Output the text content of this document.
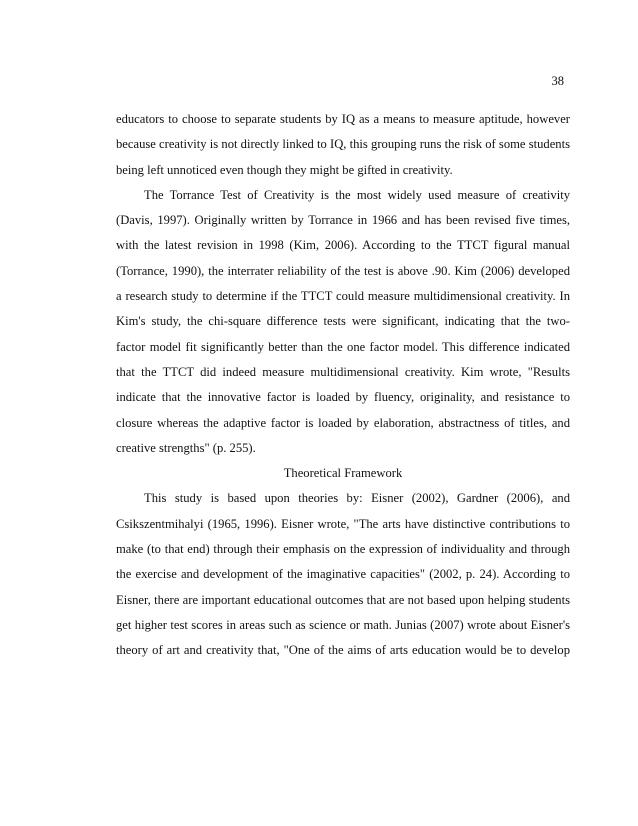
38
educators to choose to separate students by IQ as a means to measure aptitude, however
because creativity is not directly linked to IQ, this grouping runs the risk of some students
being left unnoticed even though they might be gifted in creativity.
The Torrance Test of Creativity is the most widely used measure of creativity
(Davis, 1997). Originally written by Torrance in 1966 and has been revised five times,
with the latest revision in 1998 (Kim, 2006). According to the TTCT figural manual
(Torrance, 1990), the interrater reliability of the test is above .90. Kim (2006) developed
a research study to determine if the TTCT could measure multidimensional creativity. In
Kim's study, the chi-square difference tests were significant, indicating that the two-
factor model fit significantly better than the one factor model. This difference indicated
that the TTCT did indeed measure multidimensional creativity. Kim wrote, "Results
indicate that the innovative factor is loaded by fluency, originality, and resistance to
closure whereas the adaptive factor is loaded by elaboration, abstractness of titles, and
creative strengths" (p. 255).
Theoretical Framework
This study is based upon theories by: Eisner (2002), Gardner (2006), and
Csikszentmihalyi (1965, 1996). Eisner wrote, "The arts have distinctive contributions to
make (to that end) through their emphasis on the expression of individuality and through
the exercise and development of the imaginative capacities" (2002, p. 24). According to
Eisner, there are important educational outcomes that are not based upon helping students
get higher test scores in areas such as science or math. Junias (2007) wrote about Eisner's
theory of art and creativity that, "One of the aims of arts education would be to develop
